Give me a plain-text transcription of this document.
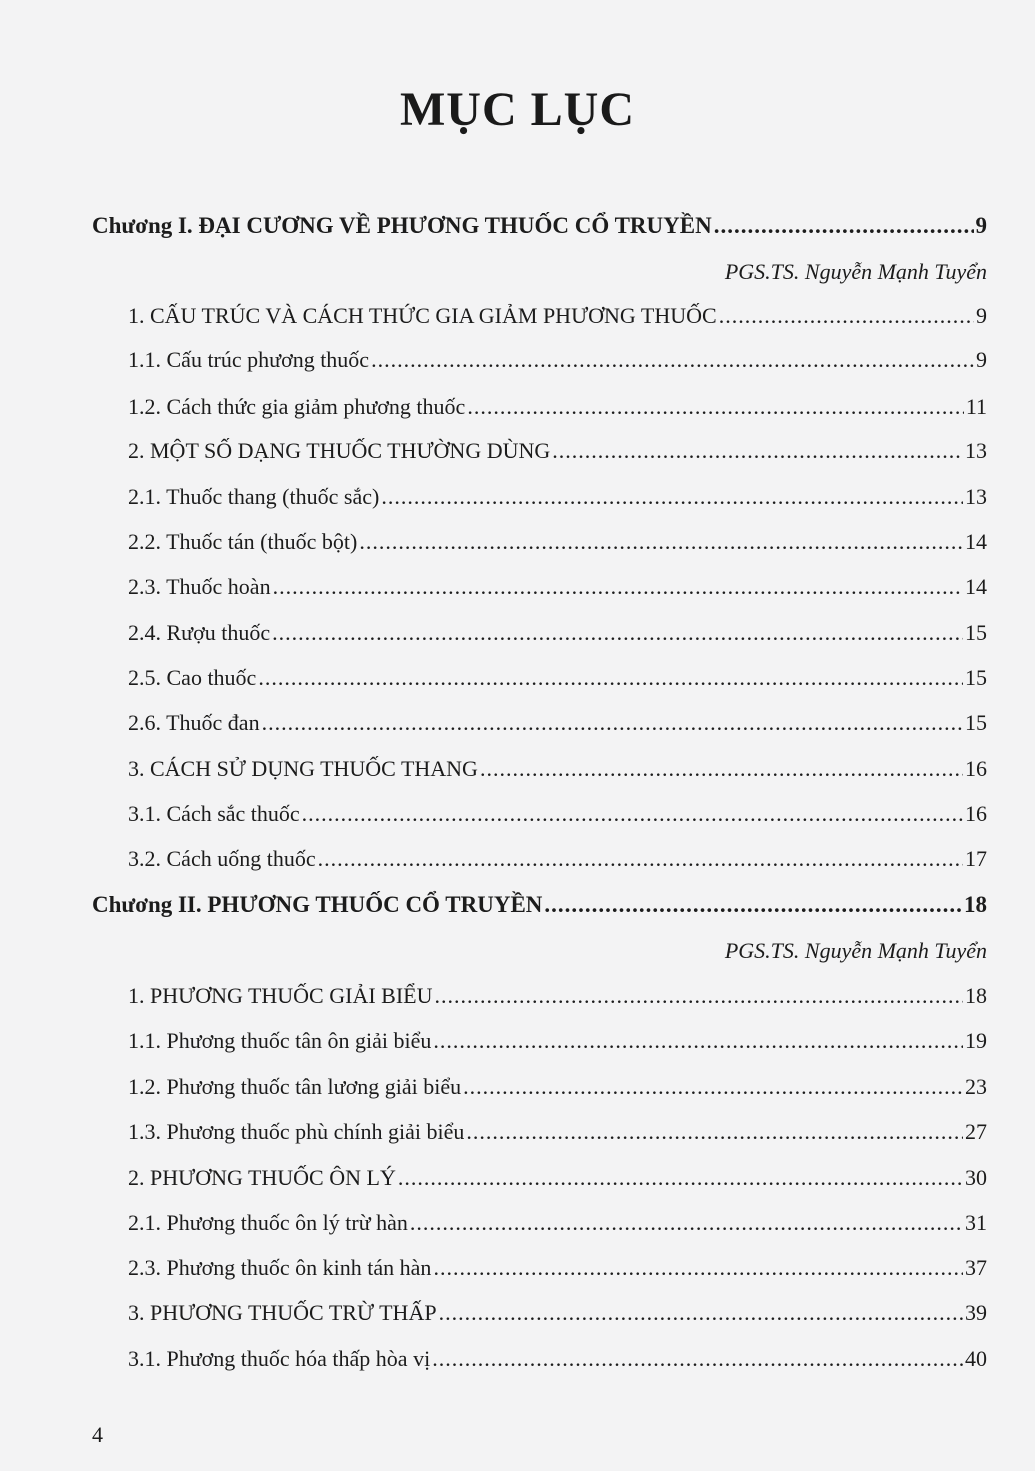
MỤC LỤC
Chương I. ĐẠI CƯƠNG VỀ PHƯƠNG THUỐC CỔ TRUYỀN .....	9
PGS.TS. Nguyễn Mạnh Tuyển
1. CẤU TRÚC VÀ CÁCH THỨC GIA GIẢM PHƯƠNG THUỐC .....	9
1.1. Cấu trúc phương thuốc .....	9
1.2. Cách thức gia giảm phương thuốc .....	11
2. MỘT SỐ DẠNG THUỐC THƯỜNG DÙNG .....	13
2.1. Thuốc thang (thuốc sắc) .....	13
2.2. Thuốc tán (thuốc bột) .....	14
2.3. Thuốc hoàn .....	14
2.4. Rượu thuốc .....	15
2.5. Cao thuốc .....	15
2.6. Thuốc đan .....	15
3. CÁCH SỬ DỤNG THUỐC THANG .....	16
3.1. Cách sắc thuốc .....	16
3.2. Cách uống thuốc .....	17
Chương II. PHƯƠNG THUỐC CỔ TRUYỀN .....	18
PGS.TS. Nguyễn Mạnh Tuyển
1. PHƯƠNG THUỐC GIẢI BIỂU .....	18
1.1. Phương thuốc tân ôn giải biểu .....	19
1.2. Phương thuốc tân lương giải biểu .....	23
1.3. Phương thuốc phù chính giải biểu .....	27
2. PHƯƠNG THUỐC ÔN LÝ .....	30
2.1. Phương thuốc ôn lý trừ hàn .....	31
2.3. Phương thuốc ôn kinh tán hàn .....	37
3. PHƯƠNG THUỐC TRỪ THẤP .....	39
3.1. Phương thuốc hóa thấp hòa vị .....	40
4
